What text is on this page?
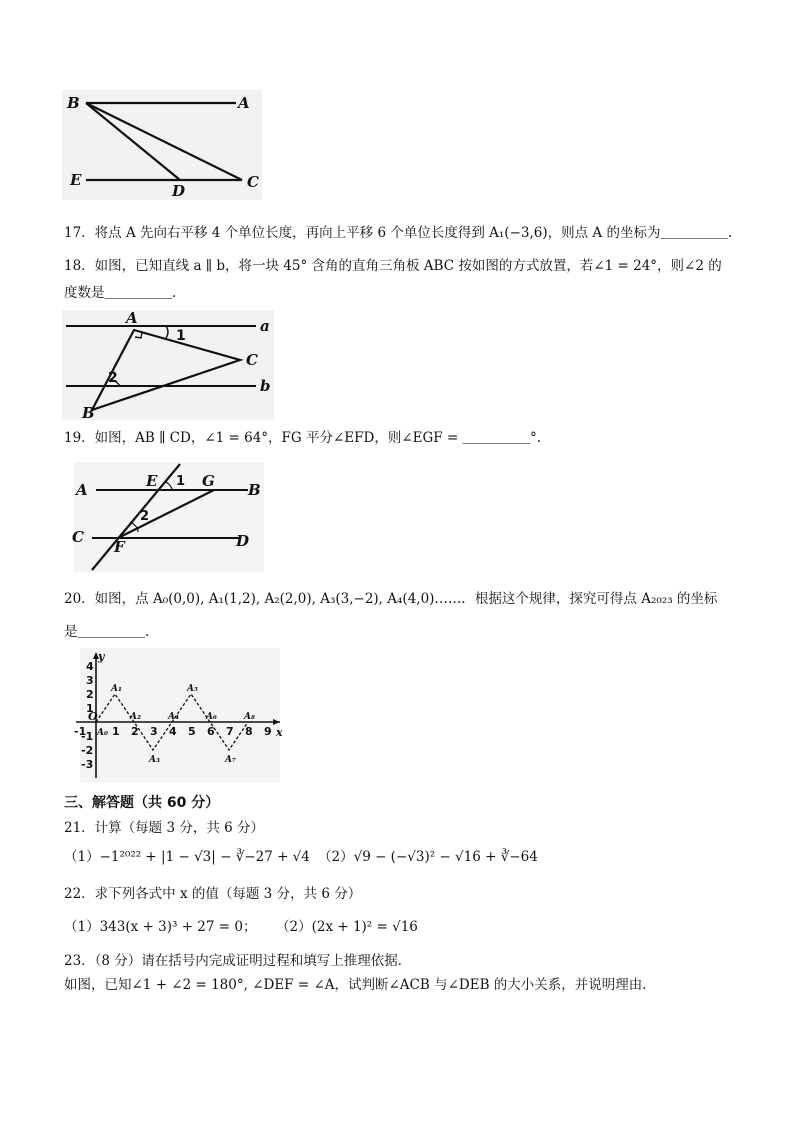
B	A
E
D	C
17．将点 A 先向右平移 4 个单位长度，再向上平移 6 个单位长度得到 A₁(−3,6)，则点 A 的坐标为＿＿＿＿＿.
18．如图，已知直线 a ∥ b，将一块 45° 含角的直角三角板 ABC 按如图的方式放置，若∠1 = 24°，则∠2 的
度数是＿＿＿＿＿.
A	a
1
C
2	b
B
19．如图，AB ∥ CD，∠1 = 64°，FG 平分∠EFD，则∠EGF = ＿＿＿＿＿°.
A	E 1 G B
2
C
F	D
20．如图，点 A₀(0,0), A₁(1,2), A₂(2,0), A₃(3,−2), A₄(4,0)……．根据这个规律，探究可得点 A₂₀₂₃ 的坐标
是＿＿＿＿＿.
y
x
O
-1 1 2 3 4 5 6 7 8 9
4
3
2
1
-1
-2
-3
A₀
A₁
A₂
A₃
A₄
A₅
A₆
A₇
A₈
三、解答题（共 60 分）
21．计算（每题 3 分，共 6 分）
（1）−1²⁰²² + |1 − √3| − ∛−27 + √4 （2）√9 − (−√3)² − √16 + ∛−64
22．求下列各式中 x 的值（每题 3 分，共 6 分）
（1）343(x + 3)³ + 27 = 0； （2）(2x + 1)² = √16
23．（8 分）请在括号内完成证明过程和填写上推理依据．
如图，已知∠1 + ∠2 = 180°, ∠DEF = ∠A，试判断∠ACB 与∠DEB 的大小关系，并说明理由．
